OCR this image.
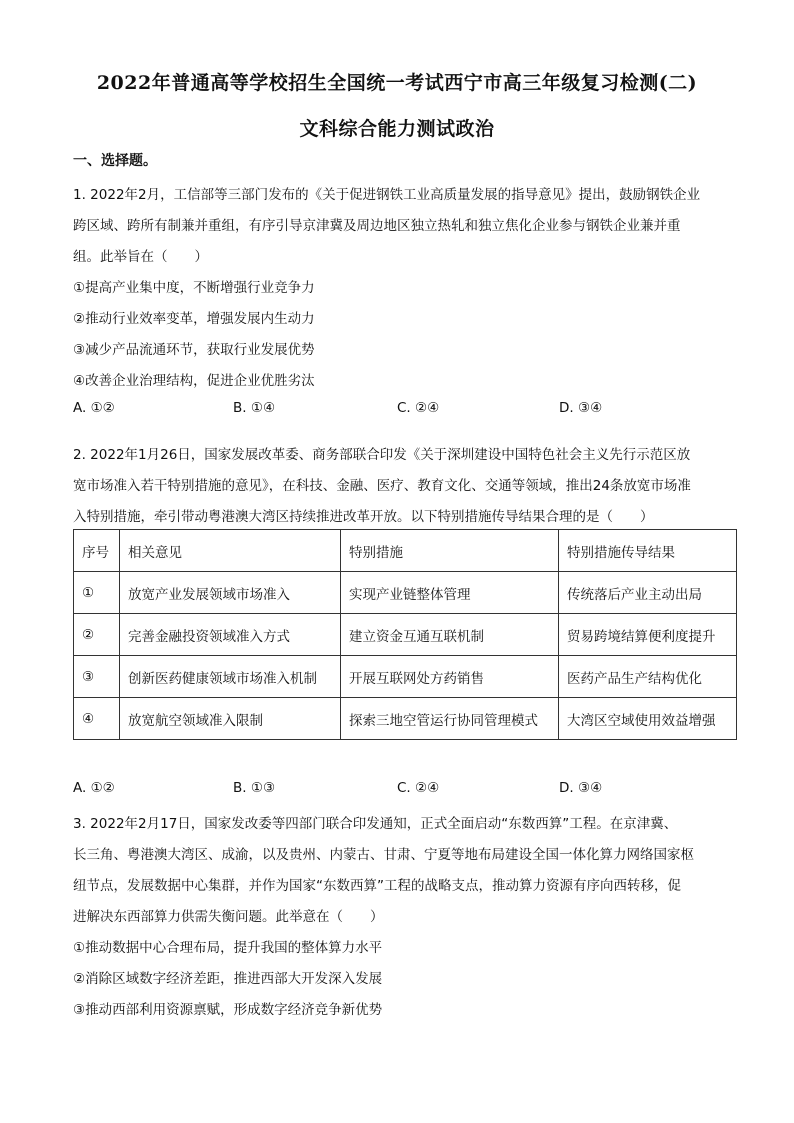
2022年普通高等学校招生全国统一考试西宁市高三年级复习检测(二)
文科综合能力测试政治
一、选择题。
1. 2022年2月，工信部等三部门发布的《关于促进钢铁工业高质量发展的指导意见》提出，鼓励钢铁企业
跨区域、跨所有制兼并重组，有序引导京津冀及周边地区独立热轧和独立焦化企业参与钢铁企业兼并重
组。此举旨在（　　）
①提高产业集中度，不断增强行业竞争力
②推动行业效率变革，增强发展内生动力
③减少产品流通环节，获取行业发展优势
④改善企业治理结构，促进企业优胜劣汰
A. ①②	B. ①④	C. ②④	D. ③④
2. 2022年1月26日，国家发展改革委、商务部联合印发《关于深圳建设中国特色社会主义先行示范区放
宽市场准入若干特别措施的意见》，在科技、金融、医疗、教育文化、交通等领域，推出24条放宽市场准
入特别措施，牵引带动粤港澳大湾区持续推进改革开放。以下特别措施传导结果合理的是（　　）
序号	相关意见	特别措施	特别措施传导结果
①	放宽产业发展领域市场准入	实现产业链整体管理	传统落后产业主动出局
②	完善金融投资领域准入方式	建立资金互通互联机制	贸易跨境结算便利度提升
③	创新医药健康领域市场准入机制	开展互联网处方药销售	医药产品生产结构优化
④	放宽航空领域准入限制	探索三地空管运行协同管理模式	大湾区空域使用效益增强
A. ①②	B. ①③	C. ②④	D. ③④
3. 2022年2月17日，国家发改委等四部门联合印发通知，正式全面启动“东数西算”工程。在京津冀、
长三角、粤港澳大湾区、成渝，以及贵州、内蒙古、甘肃、宁夏等地布局建设全国一体化算力网络国家枢
纽节点，发展数据中心集群，并作为国家“东数西算”工程的战略支点，推动算力资源有序向西转移，促
进解决东西部算力供需失衡问题。此举意在（　　）
①推动数据中心合理布局，提升我国的整体算力水平
②消除区域数字经济差距，推进西部大开发深入发展
③推动西部利用资源禀赋，形成数字经济竞争新优势
